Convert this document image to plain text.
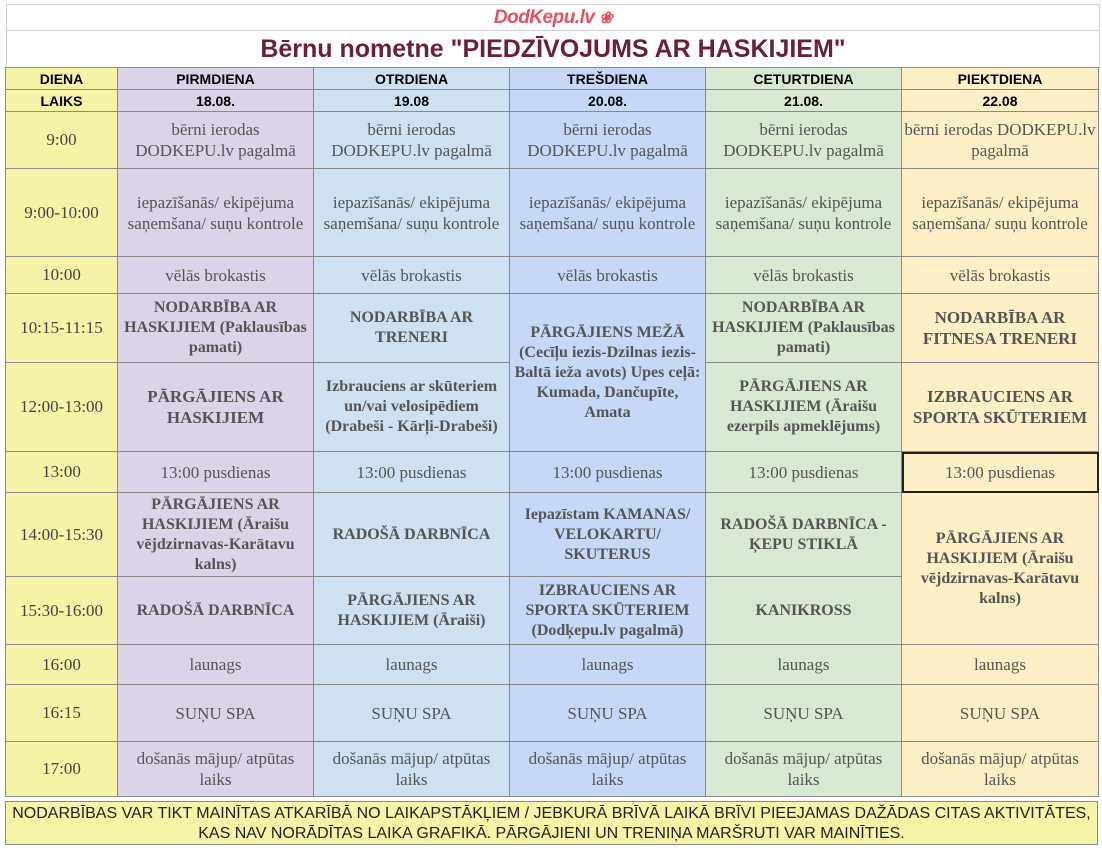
DodKepu.lv ❀
Bērnu nometne "PIEDZĪVOJUMS AR HASKIJIEM"
DIENA	PIRMDIENA	OTRDIENA	TREŠDIENA	CETURTDIENA	PIEKTDIENA
LAIKS	18.08.	19.08	20.08.	21.08.	22.08
9:00	bērni ierodas DODKEPU.lv pagalmā	bērni ierodas DODKEPU.lv pagalmā	bērni ierodas DODKEPU.lv pagalmā	bērni ierodas DODKEPU.lv pagalmā	bērni ierodas DODKEPU.lv pagalmā
9:00-10:00	iepazīšanās/ ekipējuma saņemšana/ suņu kontrole	iepazīšanās/ ekipējuma saņemšana/ suņu kontrole	iepazīšanās/ ekipējuma saņemšana/ suņu kontrole	iepazīšanās/ ekipējuma saņemšana/ suņu kontrole	iepazīšanās/ ekipējuma saņemšana/ suņu kontrole
10:00	vēlās brokastis	vēlās brokastis	vēlās brokastis	vēlās brokastis	vēlās brokastis
10:15-11:15	NODARBĪBA AR HASKIJIEM (Paklausības pamati)	NODARBĪBA AR TRENERI	PĀRGĀJIENS MEŽĀ (Cecīļu iezis-Dzilnas iezis- Baltā ieža avots) Upes ceļā: Kumada, Dančupīte, Amata	NODARBĪBA AR HASKIJIEM (Paklausības pamati)	NODARBĪBA AR FITNESA TRENERI
12:00-13:00	PĀRGĀJIENS AR HASKIJIEM	Izbrauciens ar skūteriem un/vai velosipēdiem (Drabeši - Kārļi-Drabeši)		PĀRGĀJIENS AR HASKIJIEM (Āraišu ezerpils apmeklējums)	IZBRAUCIENS AR SPORTA SKŪTERIEM
13:00	13:00 pusdienas	13:00 pusdienas	13:00 pusdienas	13:00 pusdienas	13:00 pusdienas
14:00-15:30	PĀRGĀJIENS AR HASKIJIEM (Āraišu vējdzirnavas-Karātavu kalns)	RADOŠĀ DARBNĪCA	Iepazīstam KAMANAS/ VELOKARTU/ SKUTERUS	RADOŠĀ DARBNĪCA - ĶEPU STIKLĀ	PĀRGĀJIENS AR HASKIJIEM (Āraišu vējdzirnavas-Karātavu kalns)
15:30-16:00	RADOŠĀ DARBNĪCA	PĀRGĀJIENS AR HASKIJIEM (Āraiši)	IZBRAUCIENS AR SPORTA SKŪTERIEM (Dodķepu.lv pagalmā)	KANIKROSS	
16:00	launags	launags	launags	launags	launags
16:15	SUŅU SPA	SUŅU SPA	SUŅU SPA	SUŅU SPA	SUŅU SPA
17:00	došanās mājup/ atpūtas laiks	došanās mājup/ atpūtas laiks	došanās mājup/ atpūtas laiks	došanās mājup/ atpūtas laiks	došanās mājup/ atpūtas laiks
NODARBĪBAS VAR TIKT MAINĪTAS ATKARĪBĀ NO LAIKAPSTĀKĻIEM / JEBKURĀ BRĪVĀ LAIKĀ BRĪVI PIEEJAMAS DAŽĀDAS CITAS AKTIVITĀTES, KAS NAV NORĀDĪTAS LAIKA GRAFIKĀ. PĀRGĀJIENI UN TRENIŅA MARŠRUTI VAR MAINĪTIES.
